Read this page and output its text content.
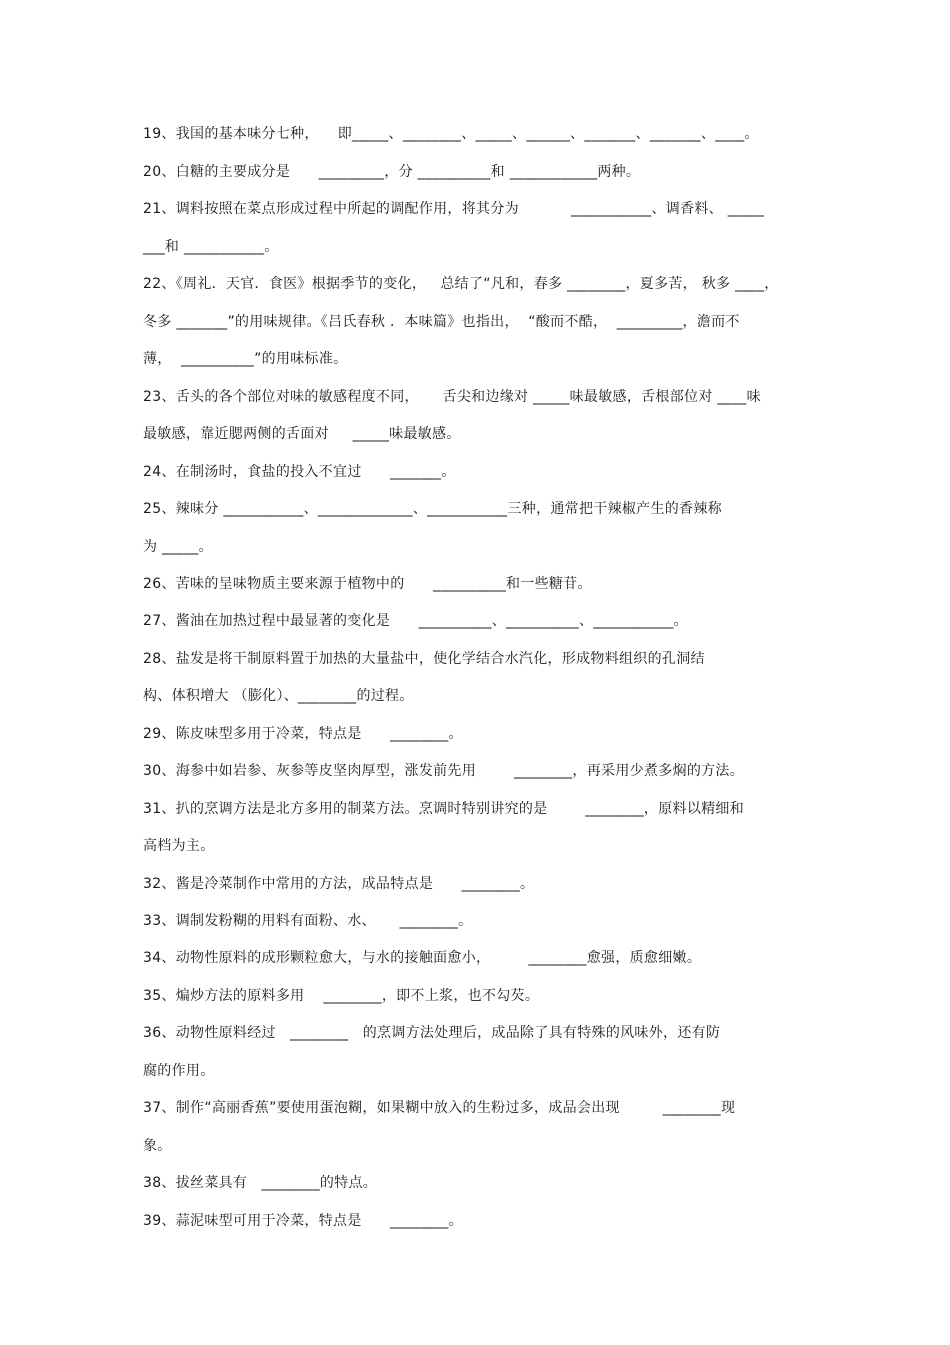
19、我国的基本味分七种，    即_____、________、_____、______、_______、_______、____。
20、白糖的主要成分是      _________，分 __________和 ____________两种。
21、调料按照在菜点形成过程中所起的调配作用，将其分为           ___________、调香料、 _____
___和 ___________。
22、《周礼．天官．食医》根据季节的变化，   总结了“凡和，春多 ________，夏多苦， 秋多 ____，
冬多 _______”的用味规律。《吕氏春秋 ．本味篇》也指出，  “酸而不酷，  _________，澹而不
薄，  __________”的用味标准。
23、舌头的各个部位对味的敏感程度不同，     舌尖和边缘对 _____味最敏感，舌根部位对 ____味
最敏感，靠近腮两侧的舌面对     _____味最敏感。
24、在制汤时，食盐的投入不宜过      _______。
25、辣味分 ___________、_____________、___________三种，通常把干辣椒产生的香辣称
为 _____。
26、苦味的呈味物质主要来源于植物中的      __________和一些糖苷。
27、酱油在加热过程中最显著的变化是      __________、__________、___________。
28、盐发是将干制原料置于加热的大量盐中，使化学结合水汽化，形成物料组织的孔洞结
构、体积增大 （膨化）、________的过程。
29、陈皮味型多用于冷菜，特点是      ________。
30、海参中如岩参、灰参等皮坚肉厚型，涨发前先用        ________，再采用少煮多焖的方法。
31、扒的烹调方法是北方多用的制菜方法。烹调时特别讲究的是        ________，原料以精细和
高档为主。
32、酱是冷菜制作中常用的方法，成品特点是      ________。
33、调制发粉糊的用料有面粉、水、     ________。
34、动物性原料的成形颗粒愈大，与水的接触面愈小，        ________愈强，质愈细嫩。
35、煸炒方法的原料多用    ________，即不上浆，也不勾芡。
36、动物性原料经过   ________   的烹调方法处理后，成品除了具有特殊的风味外，还有防
腐的作用。
37、制作“高丽香蕉”要使用蛋泡糊，如果糊中放入的生粉过多，成品会出现         ________现
象。
38、拔丝菜具有   ________的特点。
39、蒜泥味型可用于冷菜，特点是      ________。
